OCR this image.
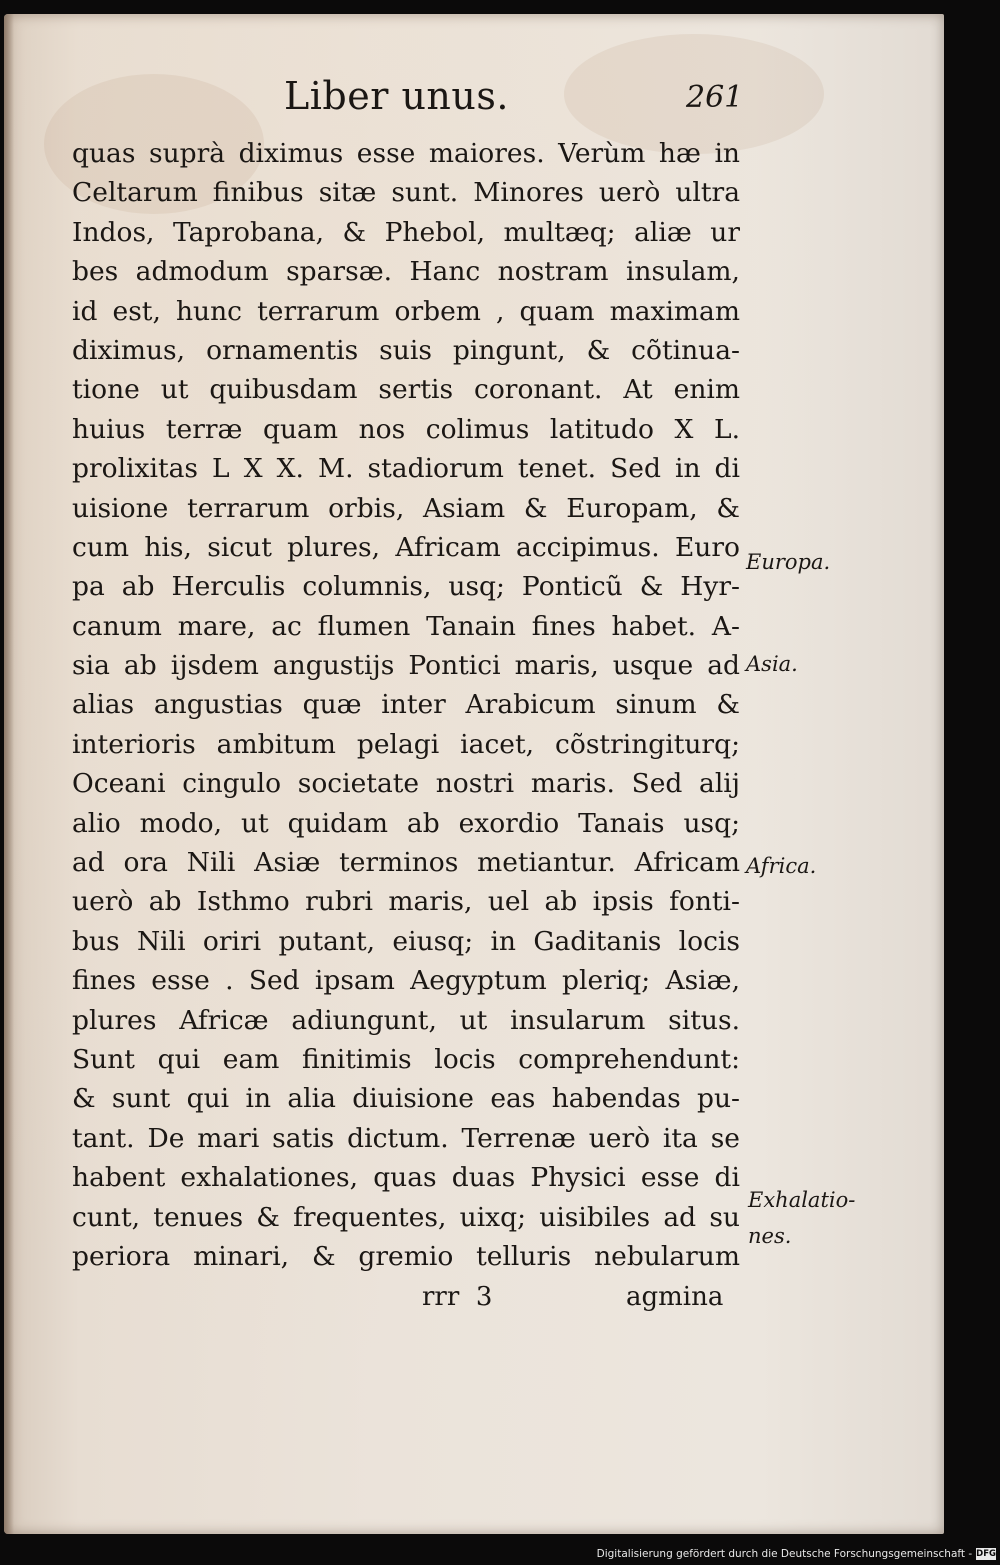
Liber unus.	261
quas suprà diximus esse maiores. Verùm hæ in
Celtarum finibus sitæ sunt. Minores uerò ultra
Indos, Taprobana, & Phebol, multæq; aliæ ur
bes admodum sparsæ. Hanc nostram insulam,
id est, hunc terrarum orbem , quam maximam
diximus, ornamentis suis pingunt, & cõtinua-
tione ut quibusdam sertis coronant. At enim
huius terræ quam nos colimus latitudo X L.
prolixitas L X X. M. stadiorum tenet. Sed in di
uisione terrarum orbis, Asiam & Europam, &
cum his, sicut plures, Africam accipimus. Euro
pa ab Herculis columnis, usq; Ponticũ & Hyr-
canum mare, ac flumen Tanain fines habet. A-
sia ab ijsdem angustijs Pontici maris, usque ad
alias angustias quæ inter Arabicum sinum &
interioris ambitum pelagi iacet, cõstringiturq;
Oceani cingulo societate nostri maris. Sed alij
alio modo, ut quidam ab exordio Tanais usq;
ad ora Nili Asiæ terminos metiantur. Africam
uerò ab Isthmo rubri maris, uel ab ipsis fonti-
bus Nili oriri putant, eiusq; in Gaditanis locis
fines esse . Sed ipsam Aegyptum pleriq; Asiæ,
plures Africæ adiungunt, ut insularum situs.
Sunt qui eam finitimis locis comprehendunt:
& sunt qui in alia diuisione eas habendas pu-
tant. De mari satis dictum. Terrenæ uerò ita se
habent exhalationes, quas duas Physici esse di
cunt, tenues & frequentes, uixq; uisibiles ad su
periora minari, & gremio telluris nebularum
Europa.
Asia.
Africa.
Exhalatio-
nes.
rrr  3	agmina
Digitalisierung gefördert durch die Deutsche Forschungsgemeinschaft - DFG
